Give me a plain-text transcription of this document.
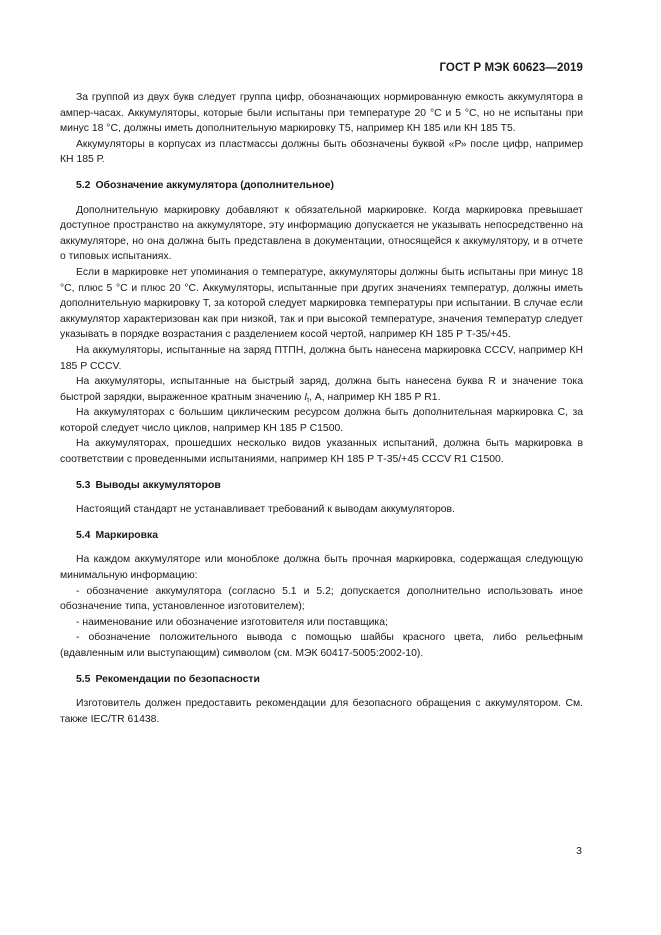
ГОСТ Р МЭК 60623—2019

За группой из двух букв следует группа цифр, обозначающих нормированную емкость аккумулятора в ампер-часах. Аккумуляторы, которые были испытаны при температуре 20 °C и 5 °C, но не испытаны при минус 18 °C, должны иметь дополнительную маркировку Т5, например КН 185 или КН 185 Т5.

Аккумуляторы в корпусах из пластмассы должны быть обозначены буквой «Р» после цифр, например КН 185 Р.

5.2 Обозначение аккумулятора (дополнительное)

Дополнительную маркировку добавляют к обязательной маркировке. Когда маркировка превышает доступное пространство на аккумуляторе, эту информацию допускается не указывать непосредственно на аккумуляторе, но она должна быть представлена в документации, относящейся к аккумулятору, и в отчете о типовых испытаниях.

Если в маркировке нет упоминания о температуре, аккумуляторы должны быть испытаны при минус 18 °C, плюс 5 °C и плюс 20 °C. Аккумуляторы, испытанные при других значениях температур, должны иметь дополнительную маркировку Т, за которой следует маркировка температуры при испытании. В случае если аккумулятор характеризован как при низкой, так и при высокой температуре, значения температур следует указывать в порядке возрастания с разделением косой чертой, например КН 185 Р Т-35/+45.

На аккумуляторы, испытанные на заряд ПТПН, должна быть нанесена маркировка CCCV, например КН 185 Р CCCV.

На аккумуляторы, испытанные на быстрый заряд, должна быть нанесена буква R и значение тока быстрой зарядки, выраженное кратным значению $I_t$, А, например КН 185 Р R1.

На аккумуляторах с большим циклическим ресурсом должна быть дополнительная маркировка С, за которой следует число циклов, например КН 185 Р С1500.

На аккумуляторах, прошедших несколько видов указанных испытаний, должна быть маркировка в соответствии с проведенными испытаниями, например КН 185 Р Т-35/+45 CCCV R1 C1500.

5.3 Выводы аккумуляторов

Настоящий стандарт не устанавливает требований к выводам аккумуляторов.

5.4 Маркировка

На каждом аккумуляторе или моноблоке должна быть прочная маркировка, содержащая следующую минимальную информацию:

- обозначение аккумулятора (согласно 5.1 и 5.2; допускается дополнительно использовать иное обозначение типа, установленное изготовителем);

- наименование или обозначение изготовителя или поставщика;

- обозначение положительного вывода с помощью шайбы красного цвета, либо рельефным (вдавленным или выступающим) символом (см. МЭК 60417-5005:2002-10).

5.5 Рекомендации по безопасности

Изготовитель должен предоставить рекомендации для безопасного обращения с аккумулятором. См. также IEC/TR 61438.

3
